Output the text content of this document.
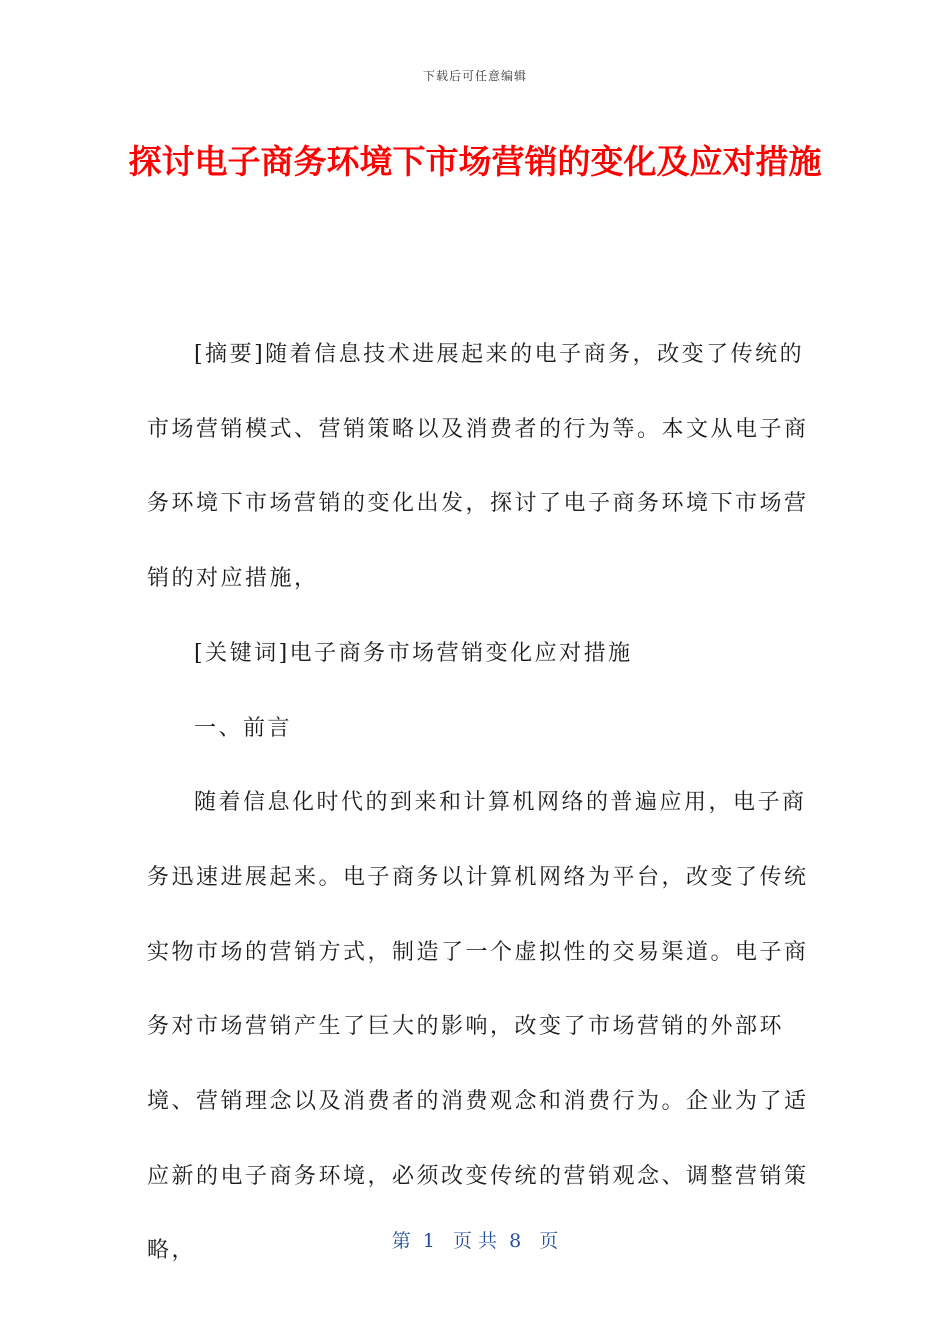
下载后可任意编辑
探讨电子商务环境下市场营销的变化及应对措施

[摘要]随着信息技术进展起来的电子商务，改变了传统的市场营销模式、营销策略以及消费者的行为等。本文从电子商务环境下市场营销的变化出发，探讨了电子商务环境下市场营销的对应措施，

[关键词]电子商务市场营销变化应对措施

一、前言

随着信息化时代的到来和计算机网络的普遍应用，电子商务迅速进展起来。电子商务以计算机网络为平台，改变了传统实物市场的营销方式，制造了一个虚拟性的交易渠道。电子商务对市场营销产生了巨大的影响，改变了市场营销的外部环境、营销理念以及消费者的消费观念和消费行为。企业为了适应新的电子商务环境，必须改变传统的营销观念、调整营销策略，	第  1   页 共  8   页
